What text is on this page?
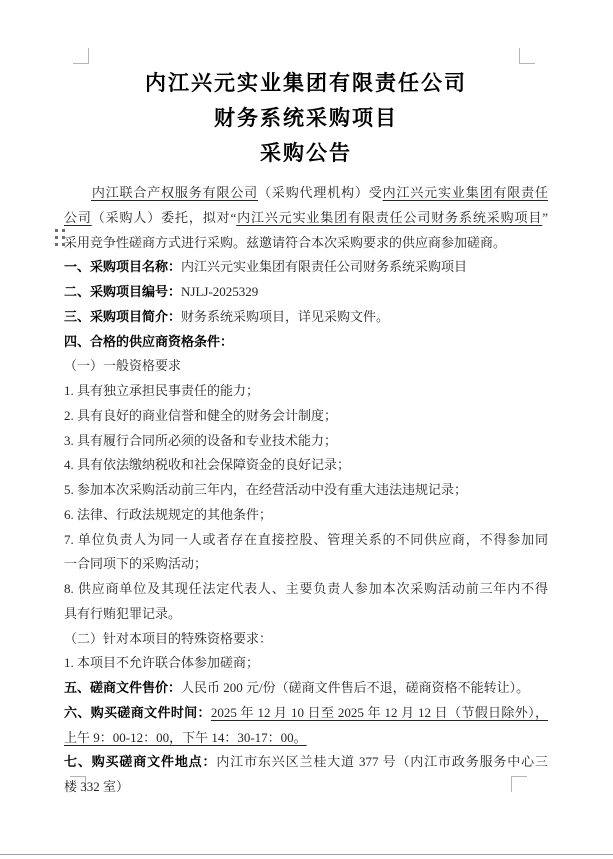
内江兴元实业集团有限责任公司
财务系统采购项目
采购公告
内江联合产权服务有限公司（采购代理机构）受内江兴元实业集团有限责任
公司（采购人）委托，拟对“内江兴元实业集团有限责任公司财务系统采购项目”
采用竞争性磋商方式进行采购。兹邀请符合本次采购要求的供应商参加磋商。
一、采购项目名称：内江兴元实业集团有限责任公司财务系统采购项目
二、采购项目编号：NJLJ-2025329
三、采购项目简介：财务系统采购项目，详见采购文件。
四、合格的供应商资格条件：
（一）一般资格要求
1. 具有独立承担民事责任的能力；
2. 具有良好的商业信誉和健全的财务会计制度；
3. 具有履行合同所必须的设备和专业技术能力；
4. 具有依法缴纳税收和社会保障资金的良好记录；
5. 参加本次采购活动前三年内，在经营活动中没有重大违法违规记录；
6. 法律、行政法规规定的其他条件；
7. 单位负责人为同一人或者存在直接控股、管理关系的不同供应商，不得参加同
一合同项下的采购活动；
8. 供应商单位及其现任法定代表人、主要负责人参加本次采购活动前三年内不得
具有行贿犯罪记录。
（二）针对本项目的特殊资格要求：
1. 本项目不允许联合体参加磋商；
五、磋商文件售价：人民币 200 元/份（磋商文件售后不退，磋商资格不能转让）。
六、购买磋商文件时间：2025 年 12 月 10 日至 2025 年 12 月 12 日（节假日除外），
上午 9：00-12：00，下午 14：30-17：00。
七、购买磋商文件地点：内江市东兴区兰桂大道 377 号（内江市政务服务中心三
楼 332 室）
